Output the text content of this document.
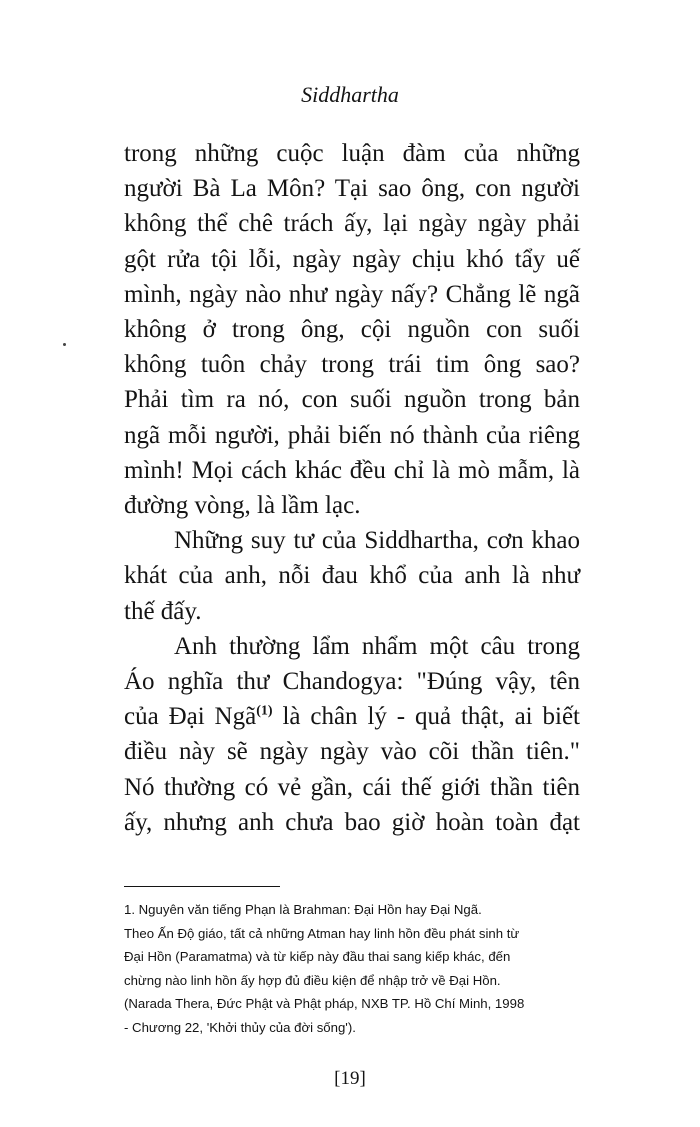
Siddhartha
trong những cuộc luận đàm của những
người Bà La Môn? Tại sao ông, con người
không thể chê trách ấy, lại ngày ngày phải
gột rửa tội lỗi, ngày ngày chịu khó tẩy uế
mình, ngày nào như ngày nấy? Chẳng lẽ ngã
không ở trong ông, cội nguồn con suối
không tuôn chảy trong trái tim ông sao?
Phải tìm ra nó, con suối nguồn trong bản
ngã mỗi người, phải biến nó thành của riêng
mình! Mọi cách khác đều chỉ là mò mẫm, là
đường vòng, là lầm lạc.
Những suy tư của Siddhartha, cơn khao
khát của anh, nỗi đau khổ của anh là như
thế đấy.
Anh thường lẩm nhẩm một câu trong
Áo nghĩa thư Chandogya: "Đúng vậy, tên
của Đại Ngã$^{(1)}$ là chân lý - quả thật, ai biết
điều này sẽ ngày ngày vào cõi thần tiên."
Nó thường có vẻ gần, cái thế giới thần tiên
ấy, nhưng anh chưa bao giờ hoàn toàn đạt
1. Nguyên văn tiếng Phạn là Brahman: Đại Hồn hay Đại Ngã.
Theo Ấn Độ giáo, tất cả những Atman hay linh hồn đều phát sinh từ
Đại Hồn (Paramatma) và từ kiếp này đầu thai sang kiếp khác, đến
chừng nào linh hồn ấy hợp đủ điều kiện để nhập trở về Đại Hồn.
(Narada Thera, Đức Phật và Phật pháp, NXB TP. Hồ Chí Minh, 1998
- Chương 22, 'Khởi thủy của đời sống').
[19]
